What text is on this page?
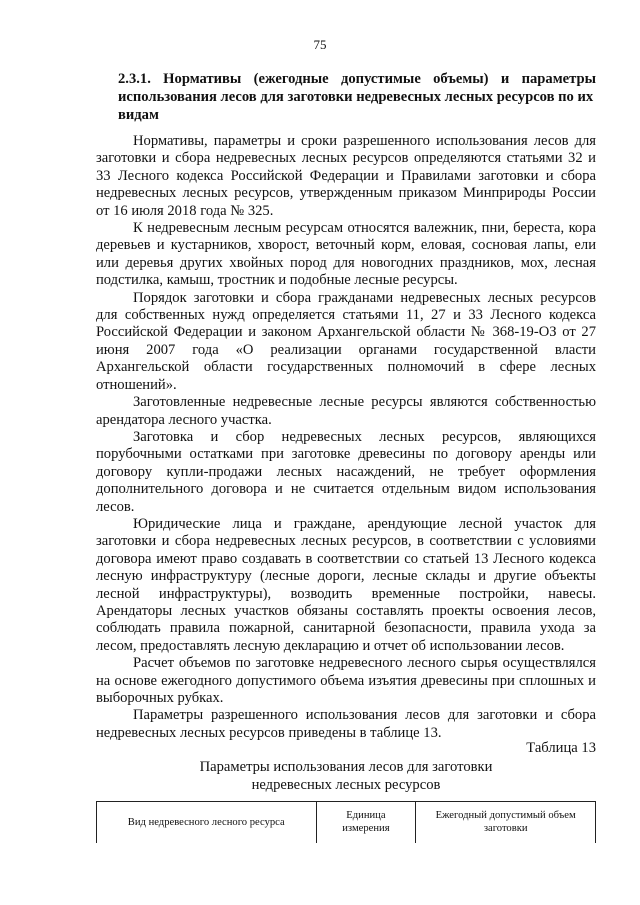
75
2.3.1. Нормативы (ежегодные допустимые объемы) и параметры использования лесов для заготовки недревесных лесных ресурсов по их
видам

Нормативы, параметры и сроки разрешенного использования лесов для заготовки и сбора недревесных лесных ресурсов определяются статьями 32 и 33 Лесного кодекса Российской Федерации и Правилами заготовки и сбора недревесных лесных ресурсов, утвержденным приказом Минприроды России от 16 июля 2018 года № 325.

К недревесным лесным ресурсам относятся валежник, пни, береста, кора деревьев и кустарников, хворост, веточный корм, еловая, сосновая лапы, ели или деревья других хвойных пород для новогодних праздников, мох, лесная подстилка, камыш, тростник и подобные лесные ресурсы.

Порядок заготовки и сбора гражданами недревесных лесных ресурсов для собственных нужд определяется статьями 11, 27 и 33 Лесного кодекса Российской Федерации и законом Архангельской области № 368-19-ОЗ от 27 июня 2007 года «О реализации органами государственной власти Архангельской области государственных полномочий в сфере лесных отношений».

Заготовленные недревесные лесные ресурсы являются собственностью арендатора лесного участка.

Заготовка и сбор недревесных лесных ресурсов, являющихся порубочными остатками при заготовке древесины по договору аренды или договору купли-продажи лесных насаждений, не требует оформления дополнительного договора и не считается отдельным видом использования лесов.

Юридические лица и граждане, арендующие лесной участок для заготовки и сбора недревесных лесных ресурсов, в соответствии с условиями договора имеют право создавать в соответствии со статьей 13 Лесного кодекса лесную инфраструктуру (лесные дороги, лесные склады и другие объекты лесной инфраструктуры), возводить временные постройки, навесы. Арендаторы лесных участков обязаны составлять проекты освоения лесов, соблюдать правила пожарной, санитарной безопасности, правила ухода за лесом, предоставлять лесную декларацию и отчет об использовании лесов.

Расчет объемов по заготовке недревесного лесного сырья осуществлялся на основе ежегодного допустимого объема изъятия древесины при сплошных и выборочных рубках.

Параметры разрешенного использования лесов для заготовки и сбора недревесных лесных ресурсов приведены в таблице 13.

Таблица 13
Параметры использования лесов для заготовки
недревесных лесных ресурсов
Вид недревесного лесного ресурса	Единица измерения	Ежегодный допустимый объем заготовки
